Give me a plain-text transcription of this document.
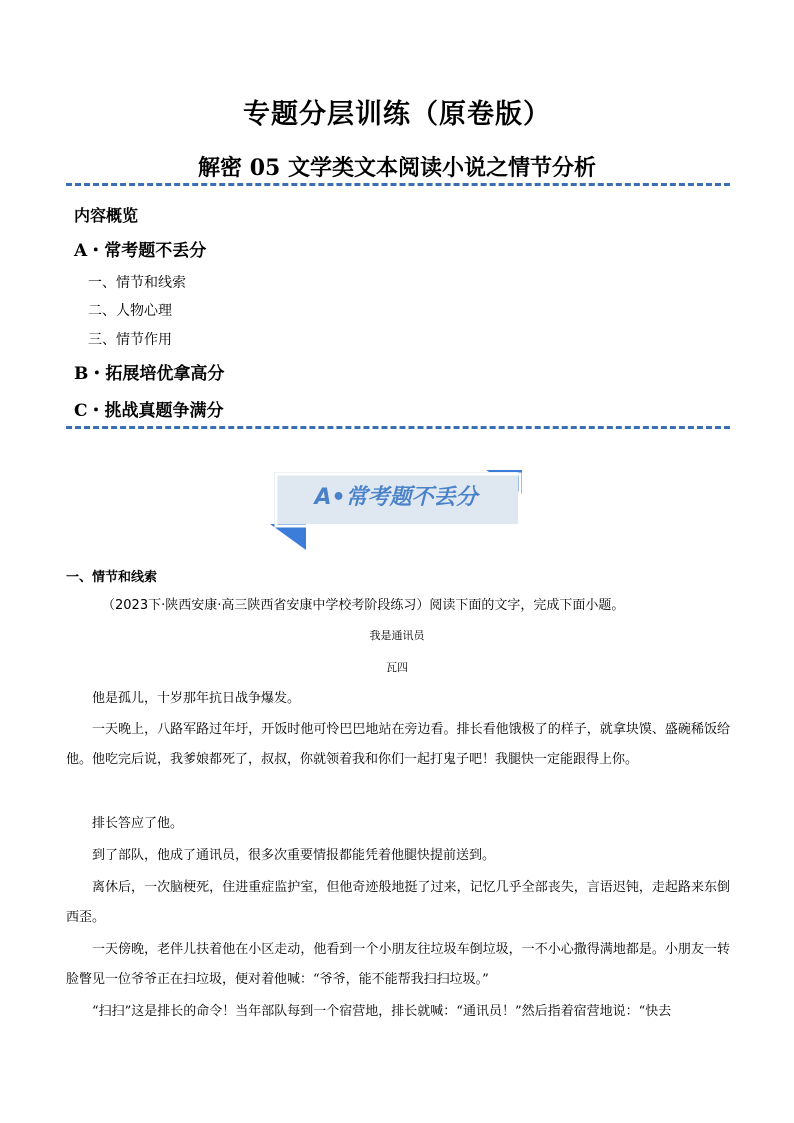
专题分层训练（原卷版）
解密 05 文学类文本阅读小说之情节分析
内容概览
A・常考题不丢分
一、情节和线索
二、人物心理
三、情节作用
B・拓展培优拿高分
C・挑战真题争满分
A•常考题不丢分
一、情节和线索
（2023下·陕西安康·高三陕西省安康中学校考阶段练习）阅读下面的文字，完成下面小题。
我是通讯员
瓦四
他是孤儿，十岁那年抗日战争爆发。
一天晚上，八路军路过年圩，开饭时他可怜巴巴地站在旁边看。排长看他饿极了的样子，就拿块馍、盛碗稀饭给他。他吃完后说，我爹娘都死了，叔叔，你就领着我和你们一起打鬼子吧！我腿快一定能跟得上你。
排长答应了他。
到了部队，他成了通讯员，很多次重要情报都能凭着他腿快提前送到。
离休后，一次脑梗死，住进重症监护室，但他奇迹般地挺了过来，记忆几乎全部丧失，言语迟钝，走起路来东倒西歪。
一天傍晚，老伴儿扶着他在小区走动，他看到一个小朋友往垃圾车倒垃圾，一不小心撒得满地都是。小朋友一转脸瞥见一位爷爷正在扫垃圾，便对着他喊：“爷爷，能不能帮我扫扫垃圾。”
“扫扫”这是排长的命令！当年部队每到一个宿营地，排长就喊：“通讯员！”然后指着宿营地说：“快去
